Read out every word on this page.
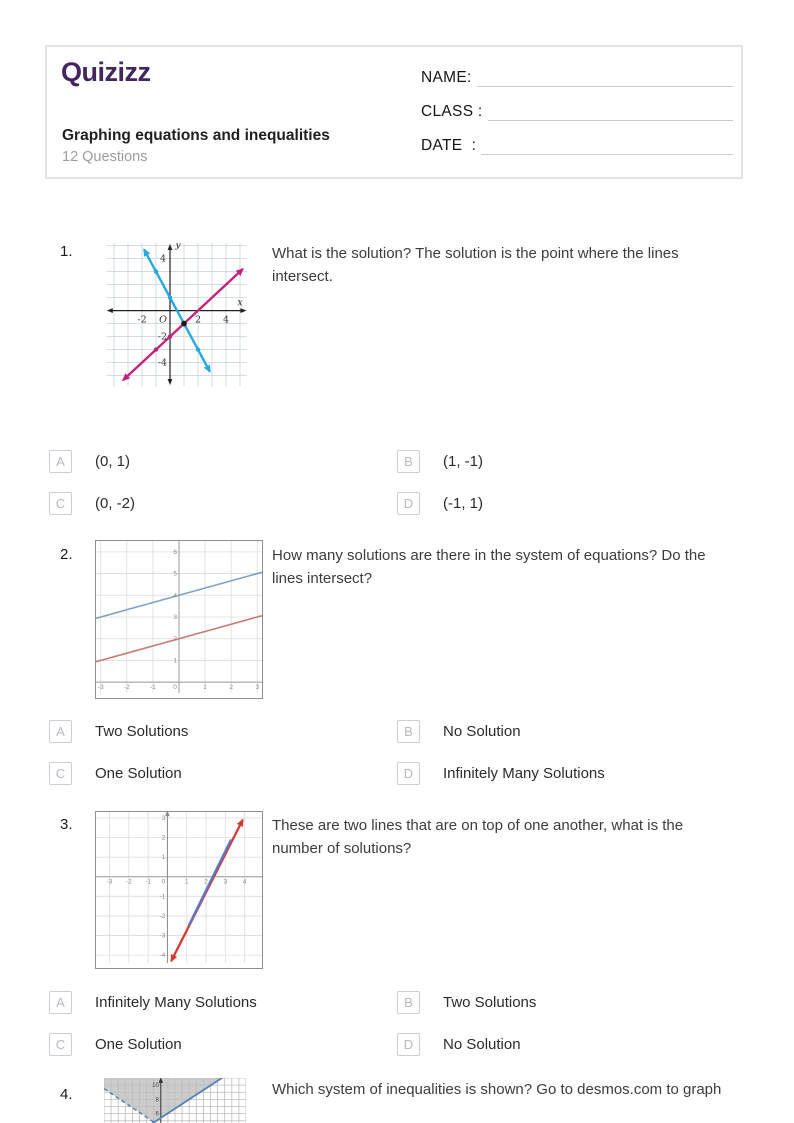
Quizizz
Graphing equations and inequalities
12 Questions
NAME:
CLASS :
DATE  :
1.
-2	2 4
O
4
-2
-4
x
y	What is the solution? The solution is the point where the lines intersect.
A	(0, 1)	B	(1, -1)
C	(0, -2)	D	(-1, 1)
2.
-3	-2	-1	0	1	2	3
1
2
3
4
5
6	How many solutions are there in the system of equations? Do the lines intersect?
A	Two Solutions	B	No Solution
C	One Solution	D	Infinitely Many Solutions
3.
-3 -2 -1 0	1 2 3 4
3
2
1
-1
-2
-3
-4
These are two lines that are on top of one another, what is the number of solutions?
A	Infinitely Many Solutions	B	Two Solutions
C	One Solution	D	No Solution
4.	10
8
6
Which system of inequalities is shown? Go to desmos.com to graph
